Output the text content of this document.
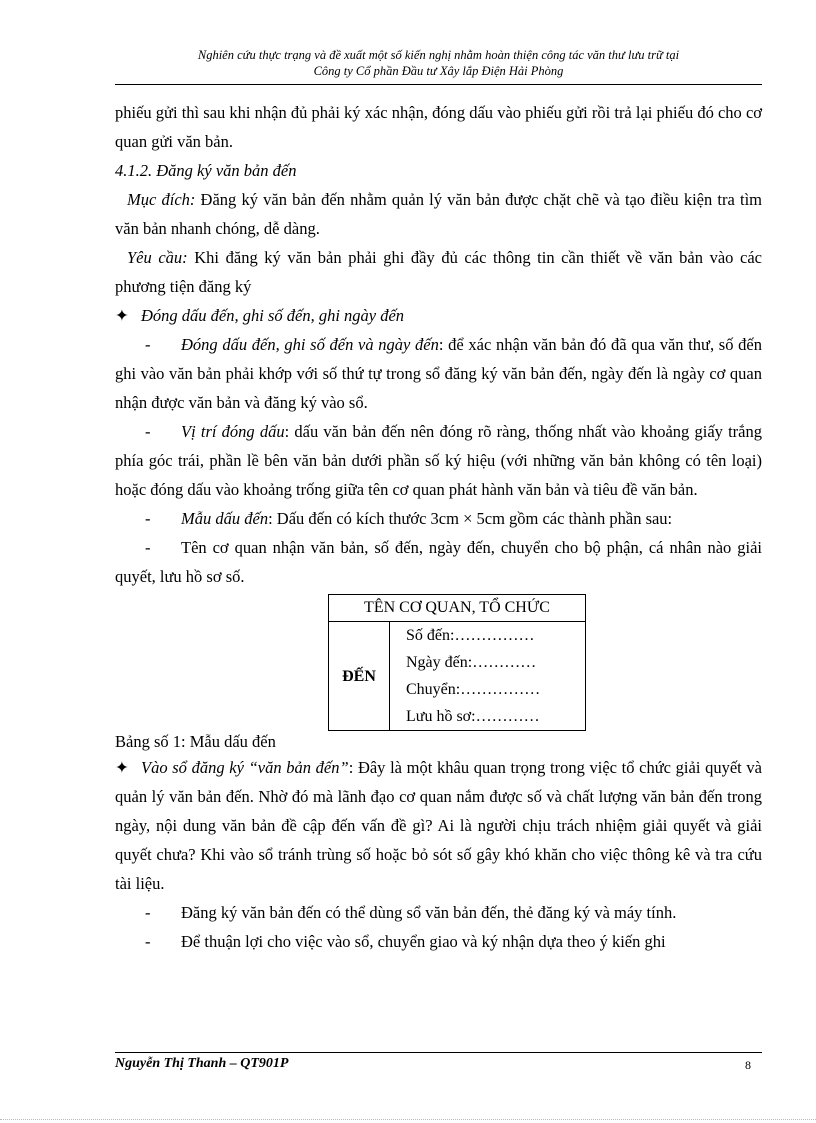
Nghiên cứu thực trạng và đề xuất một số kiến nghị nhằm hoàn thiện công tác văn thư lưu trữ tại
Công ty Cổ phần Đầu tư Xây lắp Điện Hải Phòng

phiếu gửi thì sau khi nhận đủ phải ký xác nhận, đóng dấu vào phiếu gửi rồi trả lại phiếu đó cho cơ quan gửi văn bản.

4.1.2. Đăng ký văn bản đến

Mục đích: Đăng ký văn bản đến nhằm quản lý văn bản được chặt chẽ và tạo điều kiện tra tìm văn bản nhanh chóng, dễ dàng.

Yêu cầu: Khi đăng ký văn bản phải ghi đầy đủ các thông tin cần thiết về văn bản vào các phương tiện đăng ký

✦ Đóng dấu đến, ghi số đến, ghi ngày đến

- Đóng dấu đến, ghi số đến và ngày đến: để xác nhận văn bản đó đã qua văn thư, số đến ghi vào văn bản phải khớp với số thứ tự trong sổ đăng ký văn bản đến, ngày đến là ngày cơ quan nhận được văn bản và đăng ký vào sổ.

- Vị trí đóng dấu: dấu văn bản đến nên đóng rõ ràng, thống nhất vào khoảng giấy trắng phía góc trái, phần lề bên văn bản dưới phần số ký hiệu (với những văn bản không có tên loại) hoặc đóng dấu vào khoảng trống giữa tên cơ quan phát hành văn bản và tiêu đề văn bản.

- Mẫu dấu đến: Dấu đến có kích thước 3cm × 5cm gồm các thành phần sau:

- Tên cơ quan nhận văn bản, số đến, ngày đến, chuyển cho bộ phận, cá nhân nào giải quyết, lưu hồ sơ số.

TÊN CƠ QUAN, TỔ CHỨC
ĐẾN	
Số đến:……………
Ngày đến:…………
Chuyển:……………
Lưu hồ sơ:…………

Bảng số 1: Mẫu dấu đến

✦ Vào sổ đăng ký “văn bản đến”: Đây là một khâu quan trọng trong việc tổ chức giải quyết và quản lý văn bản đến. Nhờ đó mà lãnh đạo cơ quan nắm được số và chất lượng văn bản đến trong ngày, nội dung văn bản đề cập đến vấn đề gì? Ai là người chịu trách nhiệm giải quyết và giải quyết chưa? Khi vào sổ tránh trùng số hoặc bỏ sót số gây khó khăn cho việc thông kê và tra cứu tài liệu.

- Đăng ký văn bản đến có thể dùng sổ văn bản đến, thẻ đăng ký và máy tính.

- Để thuận lợi cho việc vào sổ, chuyển giao và ký nhận dựa theo ý kiến ghi

Nguyễn Thị Thanh – QT901P	8
